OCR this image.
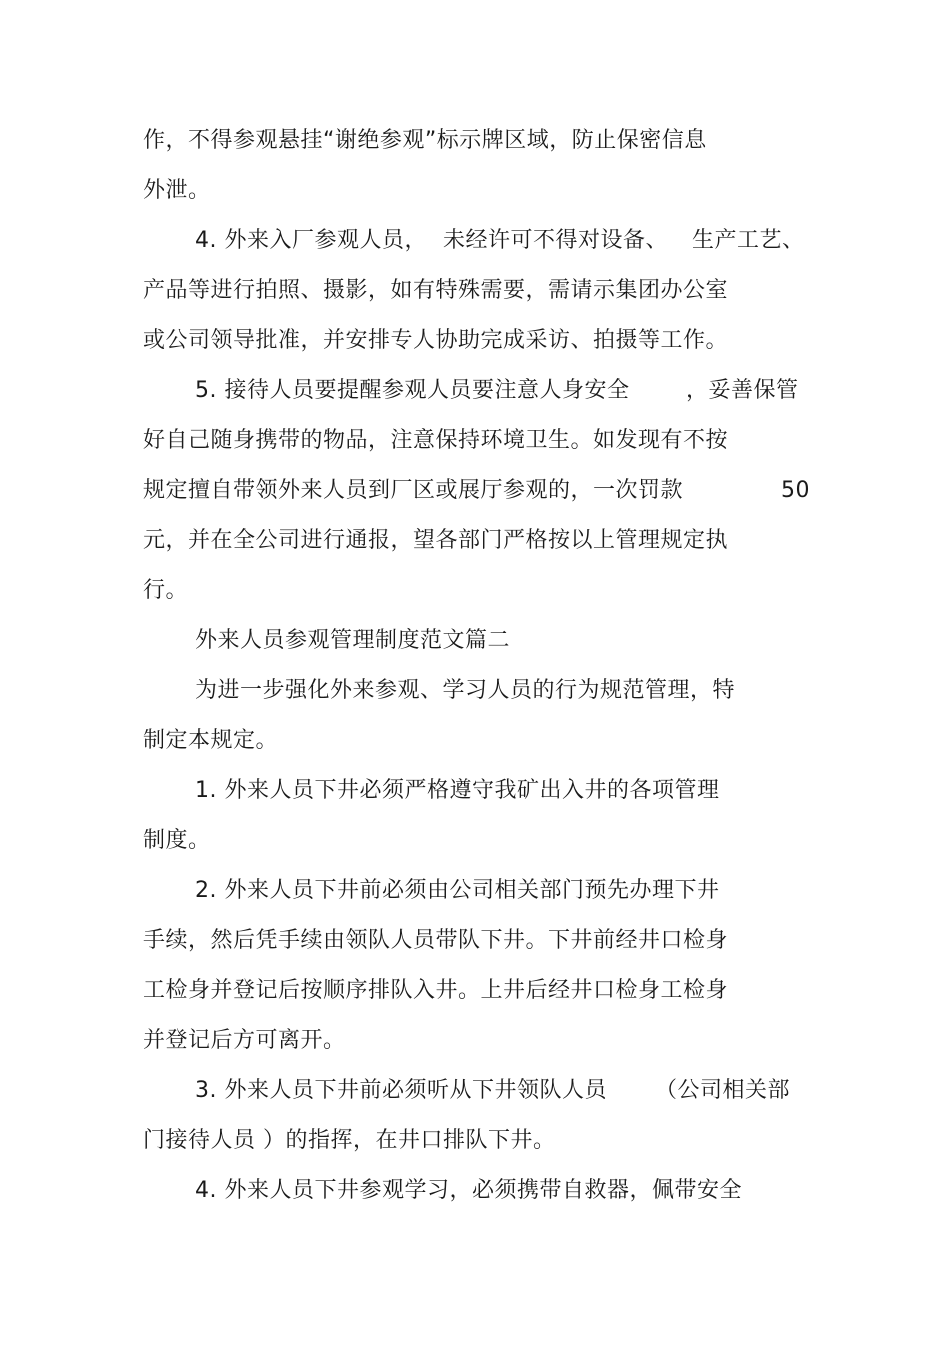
作，不得参观悬挂“谢绝参观”标示牌区域，防止保密信息
外泄。
4. 外来入厂参观人员， 未经许可不得对设备、 生产工艺、
产品等进行拍照、摄影，如有特殊需要，需请示集团办公室
或公司领导批准，并安排专人协助完成采访、拍摄等工作。
5. 接待人员要提醒参观人员要注意人身安全	，妥善保管
好自己随身携带的物品，注意保持环境卫生。如发现有不按
规定擅自带领外来人员到厂区或展厅参观的，一次罚款	50
元，并在全公司进行通报，望各部门严格按以上管理规定执
行。
外来人员参观管理制度范文篇二
为进一步强化外来参观、学习人员的行为规范管理，特
制定本规定。
1. 外来人员下井必须严格遵守我矿出入井的各项管理
制度。
2. 外来人员下井前必须由公司相关部门预先办理下井
手续，然后凭手续由领队人员带队下井。下井前经井口检身
工检身并登记后按顺序排队入井。上井后经井口检身工检身
并登记后方可离开。
3. 外来人员下井前必须听从下井领队人员 （公司相关部
门接待人员 ）的指挥，在井口排队下井。
4. 外来人员下井参观学习，必须携带自救器，佩带安全
